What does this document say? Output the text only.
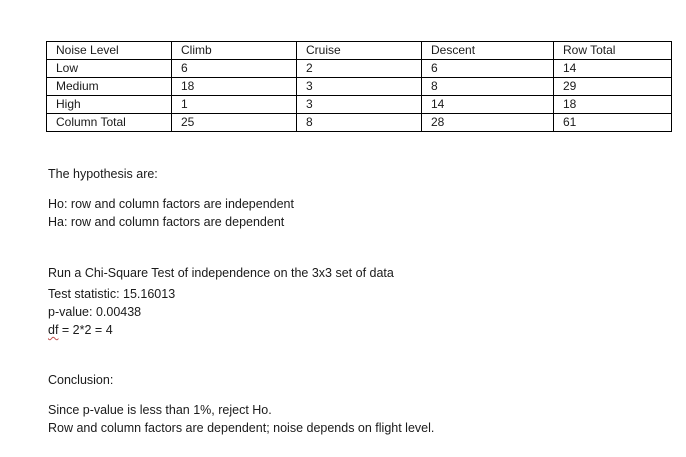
Noise Level	Climb	Cruise	Descent	Row Total
Low	6	2	6	14
Medium	18	3	8	29
High	1	3	14	18
Column Total	25	8	28	61

The hypothesis are:

Ho: row and column factors are independent

Ha: row and column factors are dependent

Run a Chi-Square Test of independence on the 3x3 set of data

Test statistic: 15.16013

p-value: 0.00438

df = 2*2 = 4

Conclusion:

Since p-value is less than 1%, reject Ho.

Row and column factors are dependent; noise depends on flight level.
